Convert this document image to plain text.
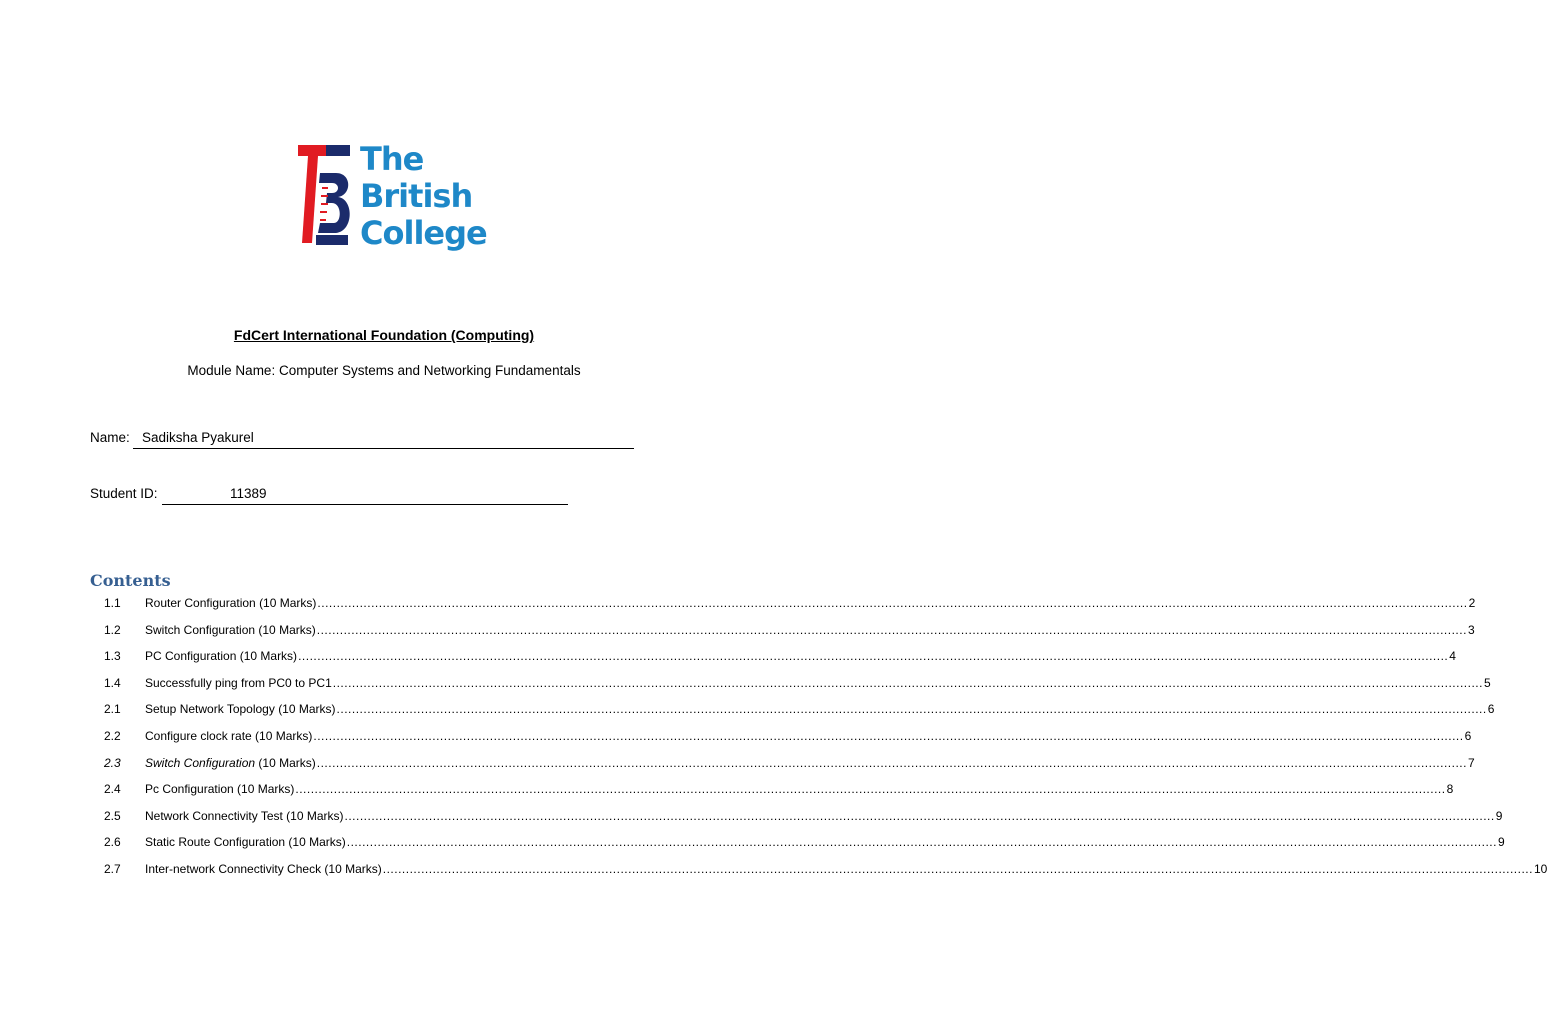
The
British
College
FdCert International Foundation (Computing)
Module Name: Computer Systems and Networking Fundamentals
Name: Sadiksha Pyakurel
Student ID:	11389
Contents
1.1	Router Configuration (10 Marks) ............................................................................................................................................................................................................................................................................................................ 2
1.2	Switch Configuration (10 Marks) ............................................................................................................................................................................................................................................................................................................ 3
1.3	PC Configuration (10 Marks) ............................................................................................................................................................................................................................................................................................................ 4
1.4	Successfully ping from PC0 to PC1 ............................................................................................................................................................................................................................................................................................................ 5
2.1	Setup Network Topology (10 Marks) ............................................................................................................................................................................................................................................................................................................ 6
2.2	Configure clock rate (10 Marks) ............................................................................................................................................................................................................................................................................................................ 6
2.3	Switch Configuration (10 Marks) ............................................................................................................................................................................................................................................................................................................ 7
2.4	Pc Configuration (10 Marks) ............................................................................................................................................................................................................................................................................................................ 8
2.5	Network Connectivity Test (10 Marks) ............................................................................................................................................................................................................................................................................................................ 9
2.6	Static Route Configuration (10 Marks) ............................................................................................................................................................................................................................................................................................................ 9
2.7	Inter-network Connectivity Check (10 Marks) ............................................................................................................................................................................................................................................................................................................ 10
